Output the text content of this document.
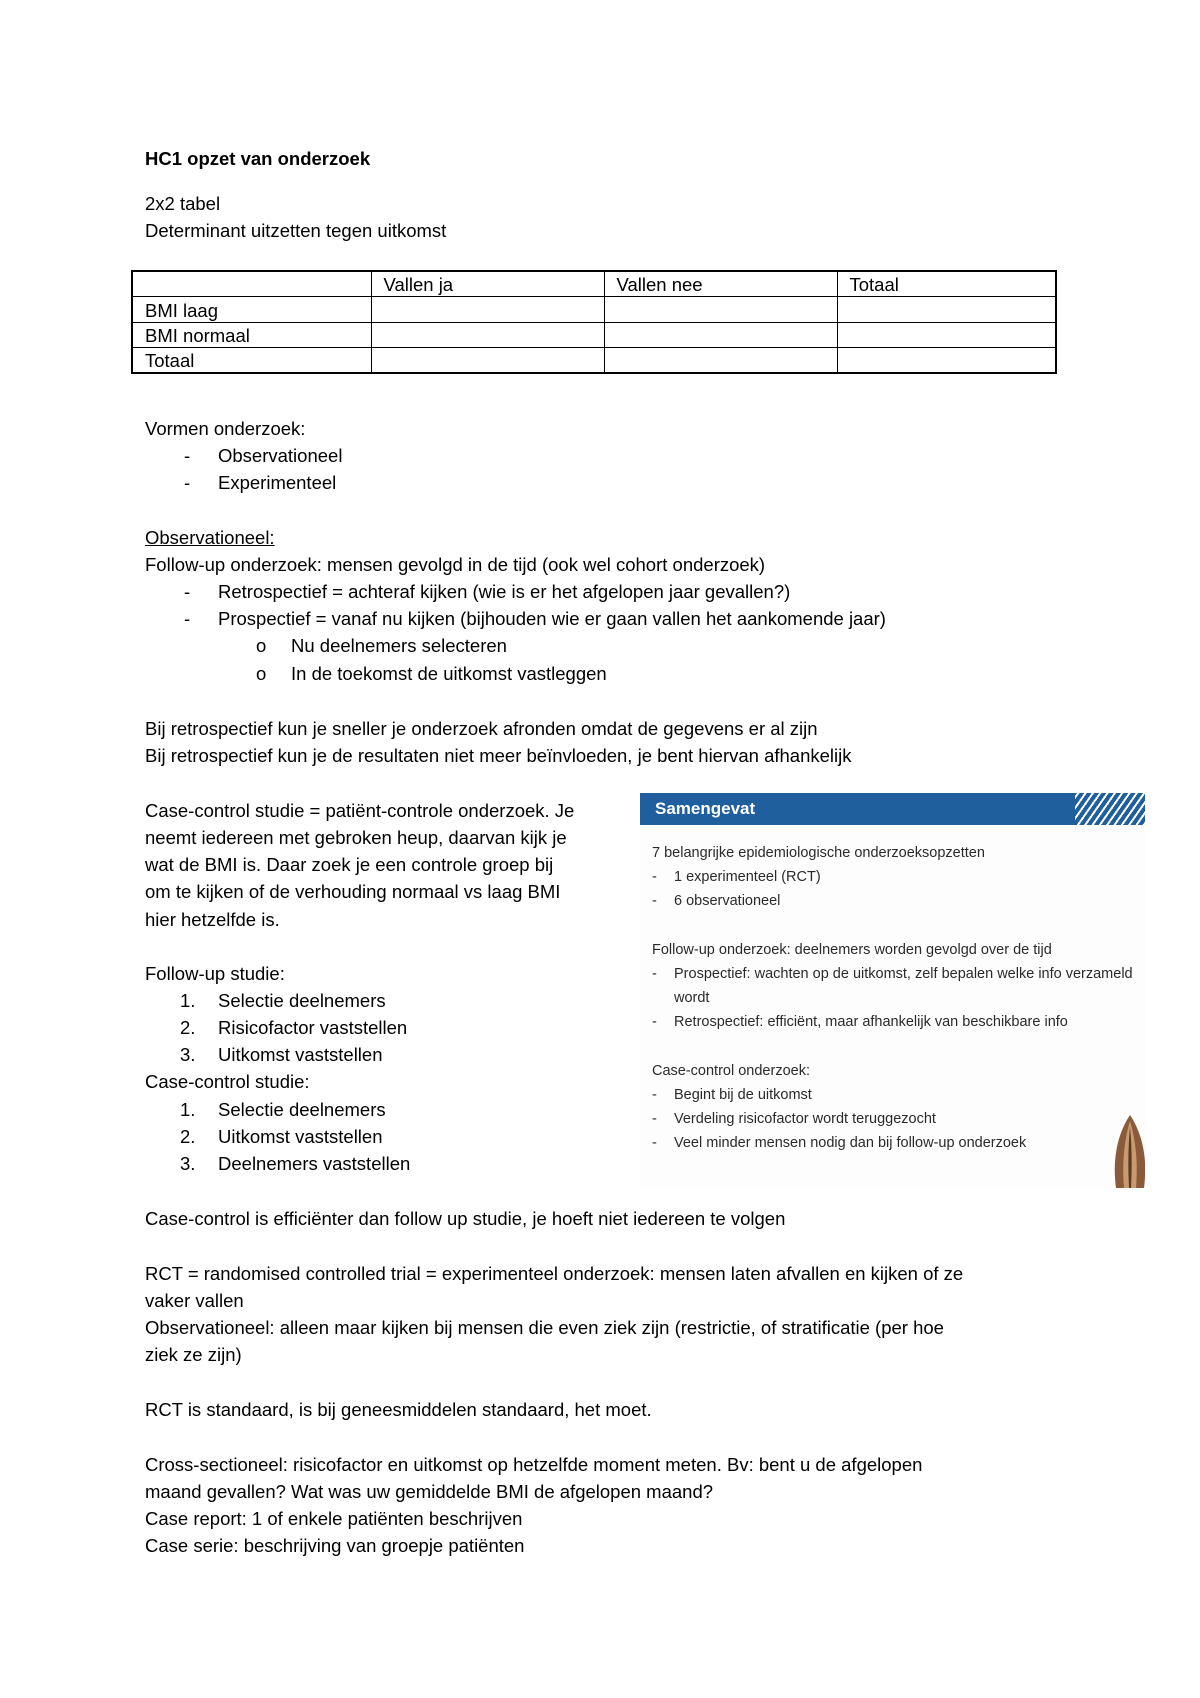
HC1 opzet van onderzoek
2x2 tabel
Determinant uitzetten tegen uitkomst
	Vallen ja	Vallen nee	Totaal
BMI laag			
BMI normaal			
Totaal			
Vormen onderzoek:
- Observationeel
- Experimenteel
Observationeel:
Follow-up onderzoek: mensen gevolgd in de tijd (ook wel cohort onderzoek)
- Retrospectief = achteraf kijken (wie is er het afgelopen jaar gevallen?)
- Prospectief = vanaf nu kijken (bijhouden wie er gaan vallen het aankomende jaar)
o Nu deelnemers selecteren
o In de toekomst de uitkomst vastleggen
Bij retrospectief kun je sneller je onderzoek afronden omdat de gegevens er al zijn
Bij retrospectief kun je de resultaten niet meer beïnvloeden, je bent hiervan afhankelijk
Case-control studie = patiënt-controle onderzoek. Je
neemt iedereen met gebroken heup, daarvan kijk je
wat de BMI is. Daar zoek je een controle groep bij
om te kijken of de verhouding normaal vs laag BMI
hier hetzelfde is.
Follow-up studie:
1. Selectie deelnemers
2. Risicofactor vaststellen
3. Uitkomst vaststellen
Case-control studie:
1. Selectie deelnemers
2. Uitkomst vaststellen
3. Deelnemers vaststellen
Samengevat
7 belangrijke epidemiologische onderzoeksopzetten
- 1 experimenteel (RCT)
- 6 observationeel
Follow-up onderzoek: deelnemers worden gevolgd over de tijd
- Prospectief: wachten op de uitkomst, zelf bepalen welke info verzameld
wordt
- Retrospectief: efficiënt, maar afhankelijk van beschikbare info
Case-control onderzoek:
- Begint bij de uitkomst
- Verdeling risicofactor wordt teruggezocht
- Veel minder mensen nodig dan bij follow-up onderzoek
Case-control is efficiënter dan follow up studie, je hoeft niet iedereen te volgen
RCT = randomised controlled trial = experimenteel onderzoek: mensen laten afvallen en kijken of ze
vaker vallen
Observationeel: alleen maar kijken bij mensen die even ziek zijn (restrictie, of stratificatie (per hoe
ziek ze zijn)
RCT is standaard, is bij geneesmiddelen standaard, het moet.
Cross-sectioneel: risicofactor en uitkomst op hetzelfde moment meten. Bv: bent u de afgelopen
maand gevallen? Wat was uw gemiddelde BMI de afgelopen maand?
Case report: 1 of enkele patiënten beschrijven
Case serie: beschrijving van groepje patiënten
